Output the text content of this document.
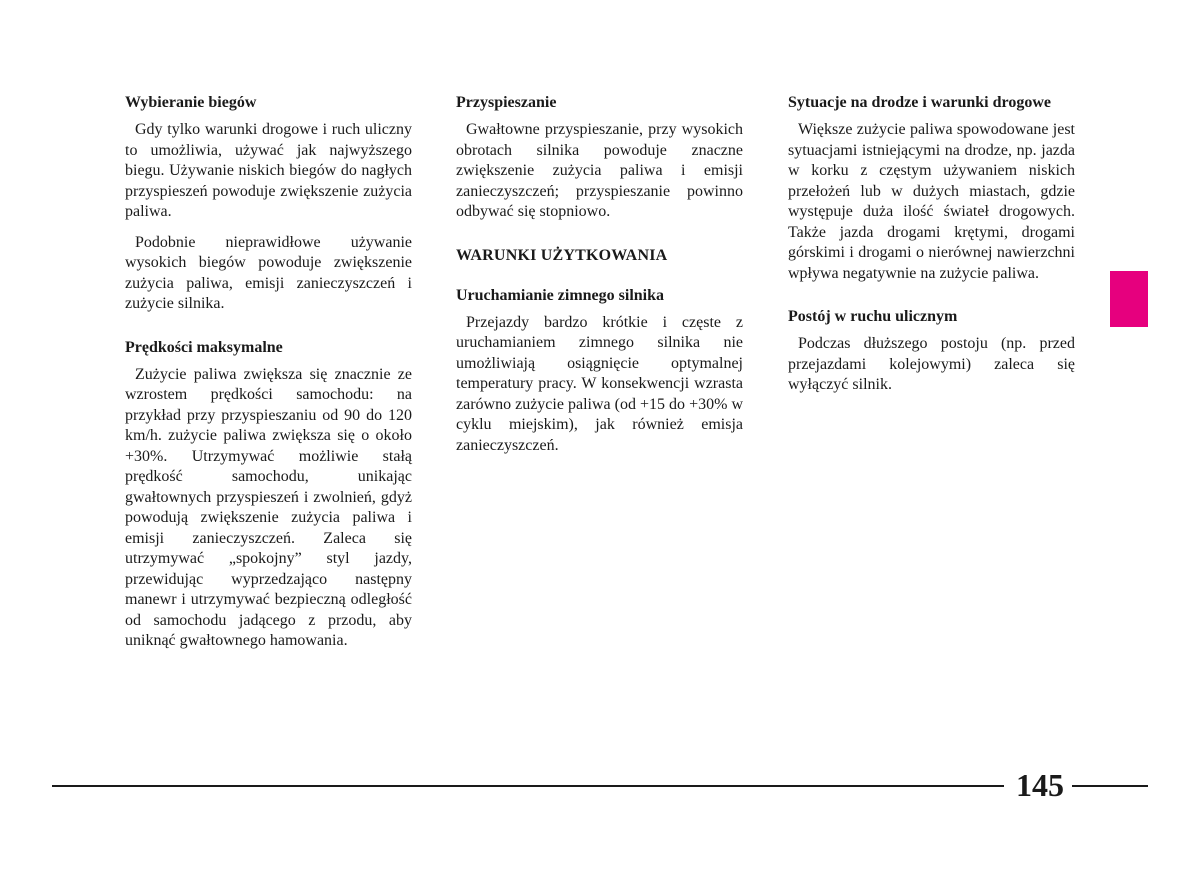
Wybieranie biegów

Gdy tylko warunki drogowe i ruch uliczny to umożliwia, używać jak najwyższego biegu. Używanie niskich biegów do nagłych przyspieszeń powoduje zwiększenie zużycia paliwa.

Podobnie nieprawidłowe używanie wysokich biegów powoduje zwiększenie zużycia paliwa, emisji zanieczyszczeń i zużycie silnika.

Prędkości maksymalne

Zużycie paliwa zwiększa się znacznie ze wzrostem prędkości samochodu: na przykład przy przyspieszaniu od 90 do 120 km/h. zużycie paliwa zwiększa się o około +30%. Utrzymywać możliwie stałą prędkość samochodu, unikając gwałtownych przyspieszeń i zwolnień, gdyż powodują zwiększenie zużycia paliwa i emisji zanieczyszczeń. Zaleca się utrzymywać „spokojny” styl jazdy, przewidując wyprzedzająco następny manewr i utrzymywać bezpieczną odległość od samochodu jadącego z przodu, aby uniknąć gwałtownego hamowania.

Przyspieszanie

Gwałtowne przyspieszanie, przy wysokich obrotach silnika powoduje znaczne zwiększenie zużycia paliwa i emisji zanieczyszczeń; przyspieszanie powinno odbywać się stopniowo.

WARUNKI UŻYTKOWANIA
Uruchamianie zimnego silnika

Przejazdy bardzo krótkie i częste z uruchamianiem zimnego silnika nie umożliwiają osiągnięcie optymalnej temperatury pracy. W konsekwencji wzrasta zarówno zużycie paliwa (od +15 do +30% w cyklu miejskim), jak również emisja zanieczyszczeń.

Sytuacje na drodze i warunki drogowe

Większe zużycie paliwa spowodowane jest sytuacjami istniejącymi na drodze, np. jazda w korku z częstym używaniem niskich przełożeń lub w dużych miastach, gdzie występuje duża ilość świateł drogowych. Także jazda drogami krętymi, drogami górskimi i drogami o nierównej nawierzchni wpływa negatywnie na zużycie paliwa.

Postój w ruchu ulicznym

Podczas dłuższego postoju (np. przed przejazdami kolejowymi) zaleca się wyłączyć silnik.

145
